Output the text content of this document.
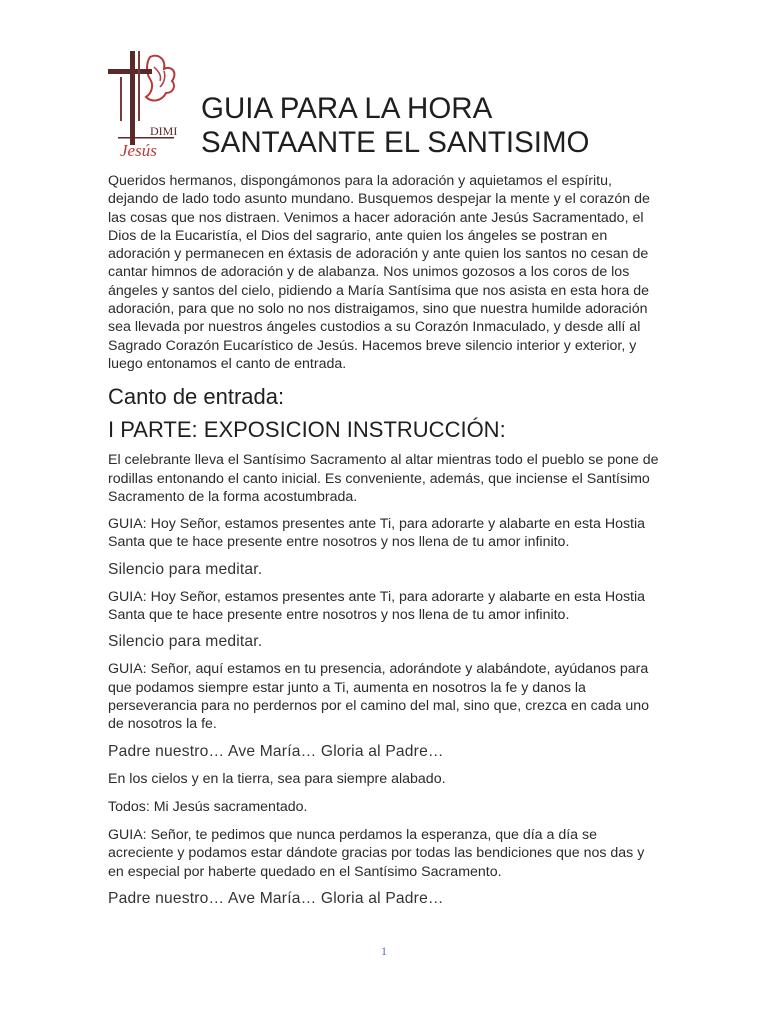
DIMI
Jesús
GUIA PARA LA HORA
SANTAANTE EL SANTISIMO

Queridos hermanos, dispongámonos para la adoración y aquietamos el espíritu, dejando de lado todo asunto mundano. Busquemos despejar la mente y el corazón de las cosas que nos distraen. Venimos a hacer adoración ante Jesús Sacramentado, el Dios de la Eucaristía, el Dios del sagrario, ante quien los ángeles se postran en adoración y permanecen en éxtasis de adoración y ante quien los santos no cesan de cantar himnos de adoración y de alabanza. Nos unimos gozosos a los coros de los ángeles y santos del cielo, pidiendo a María Santísima que nos asista en esta hora de adoración, para que no solo no nos distraigamos, sino que nuestra humilde adoración sea llevada por nuestros ángeles custodios a su Corazón Inmaculado, y desde allí al Sagrado Corazón Eucarístico de Jesús. Hacemos breve silencio interior y exterior, y luego entonamos el canto de entrada.

Canto de entrada:

I PARTE: EXPOSICION INSTRUCCIÓN:

El celebrante lleva el Santísimo Sacramento al altar mientras todo el pueblo se pone de rodillas entonando el canto inicial. Es conveniente, además, que inciense el Santísimo Sacramento de la forma acostumbrada.

GUIA: Hoy Señor, estamos presentes ante Ti, para adorarte y alabarte en esta Hostia Santa que te hace presente entre nosotros y nos llena de tu amor infinito.

Silencio para meditar.

GUIA: Hoy Señor, estamos presentes ante Ti, para adorarte y alabarte en esta Hostia Santa que te hace presente entre nosotros y nos llena de tu amor infinito.

Silencio para meditar.

GUIA: Señor, aquí estamos en tu presencia, adorándote y alabándote, ayúdanos para que podamos siempre estar junto a Ti, aumenta en nosotros la fe y danos la perseverancia para no perdernos por el camino del mal, sino que, crezca en cada uno de nosotros la fe.

Padre nuestro… Ave María… Gloria al Padre…

En los cielos y en la tierra, sea para siempre alabado.

Todos: Mi Jesús sacramentado.

GUIA: Señor, te pedimos que nunca perdamos la esperanza, que día a día se acreciente y podamos estar dándote gracias por todas las bendiciones que nos das y en especial por haberte quedado en el Santísimo Sacramento.

Padre nuestro… Ave María… Gloria al Padre…

1
